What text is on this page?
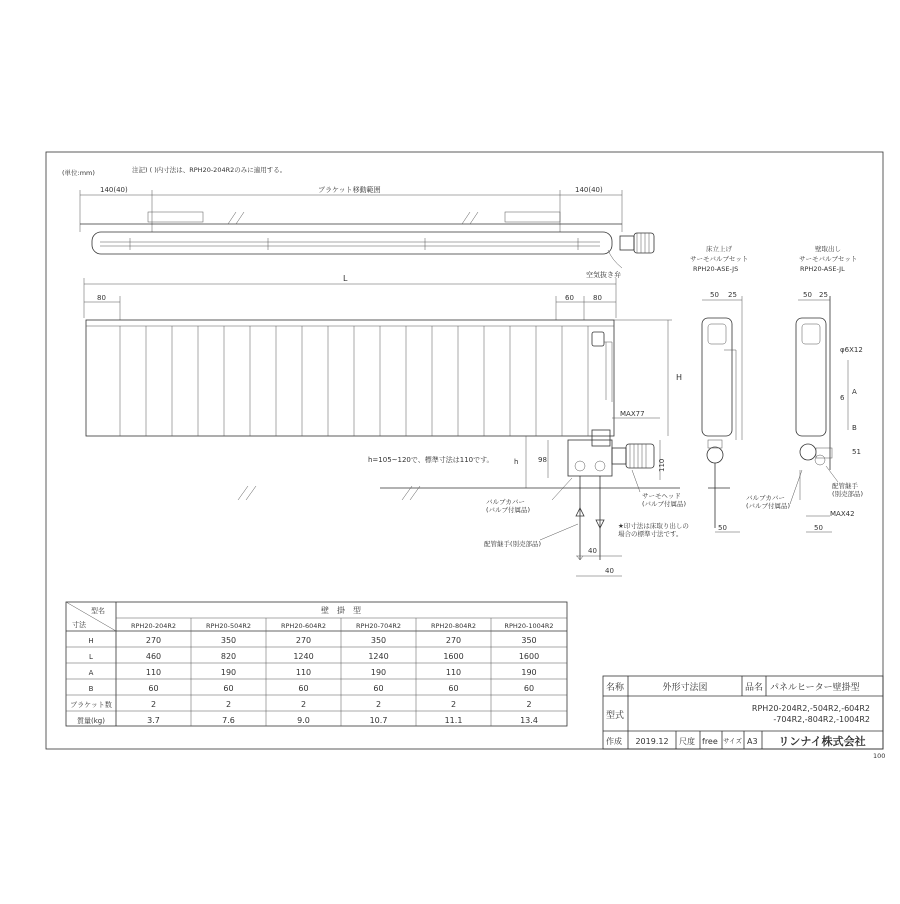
(単位:mm)	注記) ( )内寸法は、RPH20-204R2のみに適用する。
140(40)	ブラケット移動範囲	140(40)
空気抜き弁
L
80	60	80
H
h	98
h=105~120で、標準寸法は110です。
MAX77
110
40
40
バルブカバー(バルブ付属品)
配管継手(別売部品)
サーモヘッド(バルブ付属品)
★印寸法は床取り出しの場合の標準寸法です。
床立上げ
サーモバルブセット
RPH20-ASE-JS
50 25
50
壁取出し
サーモバルブセット
RPH20-ASE-JL
50 25
φ6X12
A
6
B
51
配管継手(別売部品)
バルブカバー(バルブ付属品)
MAX42
50
型名
寸法
壁　掛　型
RPH20-204R2	RPH20-504R2	RPH20-604R2	RPH20-704R2	RPH20-804R2	RPH20-1004R2
H	270	350	270	350	270	350
L	460	820	1240	1240	1600	1600
A	110	190	110	190	110	190
B	60	60	60	60	60	60
ブラケット数	2	2	2	2	2	2
質量(kg)	3.7	7.6	9.0	10.7	11.1	13.4
名称	外形寸法図	品名 パネルヒーター壁掛型
型式
RPH20-204R2,-504R2,-604R2
-704R2,-804R2,-1004R2
作成 2019.12 尺度 free サイズ A3 リンナイ株式会社
100
